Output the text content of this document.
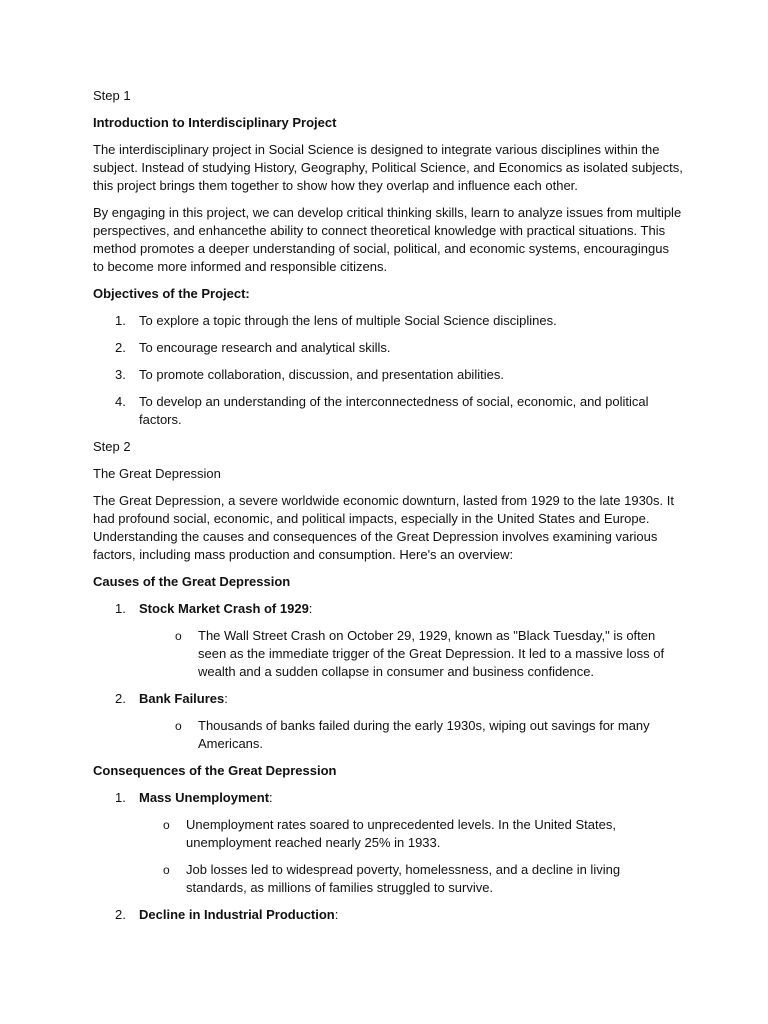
Step 1

Introduction to Interdisciplinary Project

The interdisciplinary project in Social Science is designed to integrate various disciplines within the subject. Instead of studying History, Geography, Political Science, and Economics as isolated subjects, this project brings them together to show how they overlap and influence each other.

By engaging in this project, we can develop critical thinking skills, learn to analyze issues from multiple perspectives, and enhancethe ability to connect theoretical knowledge with practical situations. This method promotes a deeper understanding of social, political, and economic systems, encouragingus to become more informed and responsible citizens.

Objectives of the Project:

1. To explore a topic through the lens of multiple Social Science disciplines.
2. To encourage research and analytical skills.
3. To promote collaboration, discussion, and presentation abilities.
4. To develop an understanding of the interconnectedness of social, economic, and political factors.

Step 2

The Great Depression

The Great Depression, a severe worldwide economic downturn, lasted from 1929 to the late 1930s. It had profound social, economic, and political impacts, especially in the United States and Europe. Understanding the causes and consequences of the Great Depression involves examining various factors, including mass production and consumption. Here's an overview:

Causes of the Great Depression

1. Stock Market Crash of 1929:
o The Wall Street Crash on October 29, 1929, known as "Black Tuesday," is often seen as the immediate trigger of the Great Depression. It led to a massive loss of wealth and a sudden collapse in consumer and business confidence.
2. Bank Failures:
o Thousands of banks failed during the early 1930s, wiping out savings for many Americans.

Consequences of the Great Depression

1. Mass Unemployment:
o Unemployment rates soared to unprecedented levels. In the United States, unemployment reached nearly 25% in 1933.
o Job losses led to widespread poverty, homelessness, and a decline in living standards, as millions of families struggled to survive.
2. Decline in Industrial Production:
